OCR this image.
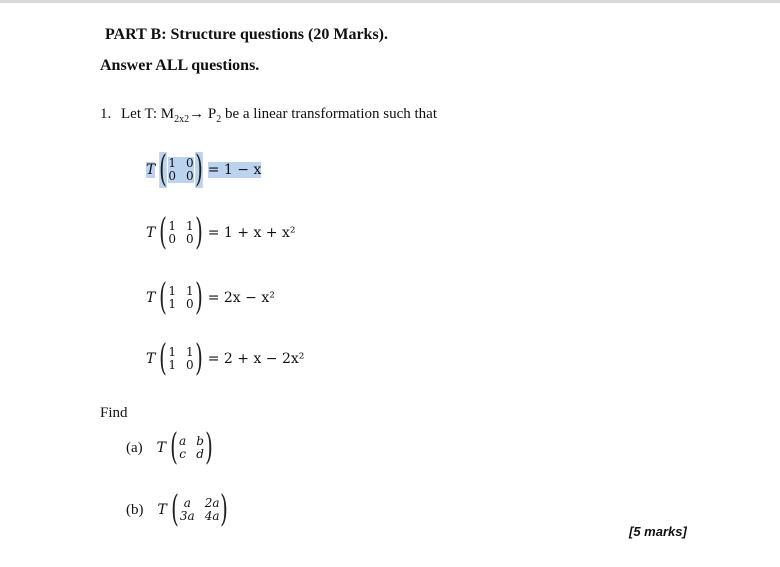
PART B: Structure questions (20 Marks).
Answer ALL questions.
1. Let T: $M_{2x2}\to P_2$ be a linear transformation such that
T ( 1 0
0 0 ) = 1 − x
T ( 1 1
0 0 ) = 1 + x + x²
T ( 1 1
1 0 ) = 2x − x²
T ( 1 1
1 0 ) = 2 + x − 2x²
Find
(a) T ( a b
c d )
(b) T ( a	2a
3a 4a )
[5 marks]
